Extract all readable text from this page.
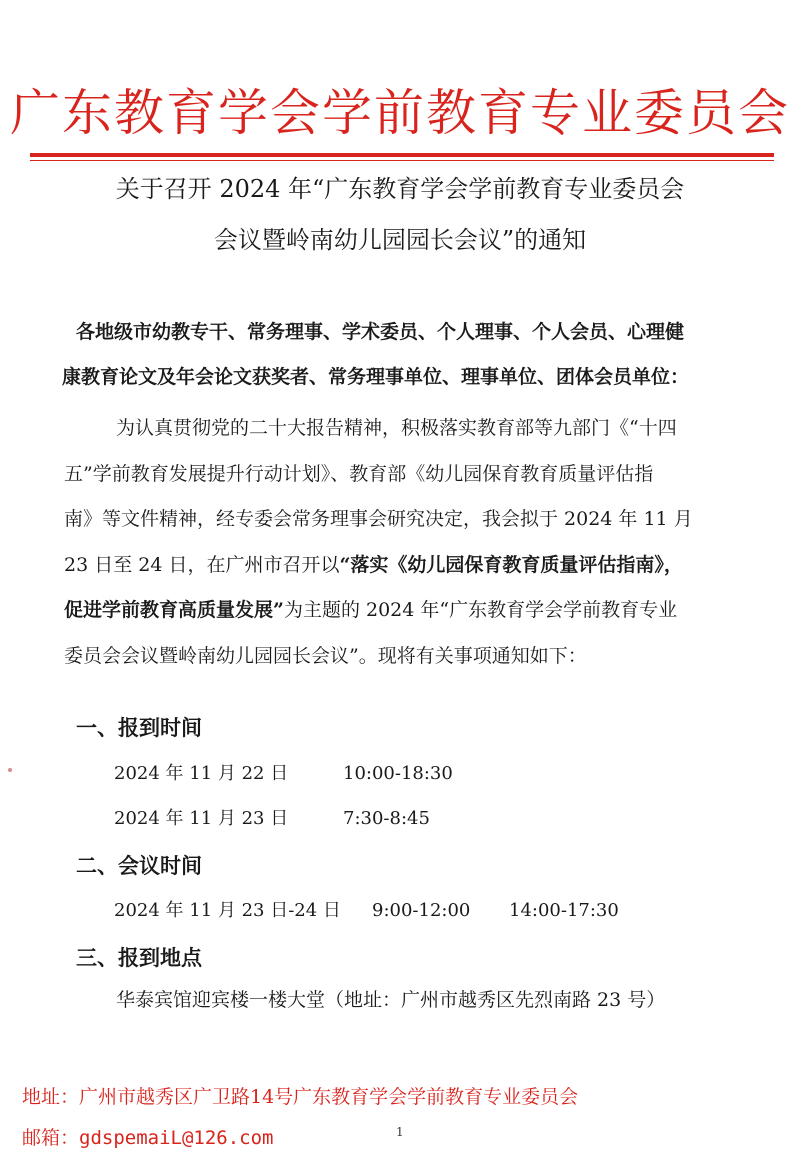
广东教育学会学前教育专业委员会
关于召开 2024 年“广东教育学会学前教育专业委员会
会议暨岭南幼儿园园长会议”的通知
各地级市幼教专干、常务理事、学术委员、个人理事、个人会员、心理健
康教育论文及年会论文获奖者、常务理事单位、理事单位、团体会员单位：
为认真贯彻党的二十大报告精神，积极落实教育部等九部门《“十四
五”学前教育发展提升行动计划》、教育部《幼儿园保育教育质量评估指
南》等文件精神，经专委会常务理事会研究决定，我会拟于 2024 年 11 月
23 日至 24 日，在广州市召开以“落实《幼儿园保育教育质量评估指南》，
促进学前教育高质量发展”为主题的 2024 年“广东教育学会学前教育专业
委员会会议暨岭南幼儿园园长会议”。现将有关事项通知如下：
一、报到时间
2024 年 11 月 22 日	10:00-18:30
2024 年 11 月 23 日	7:30-8:45
二、会议时间
2024 年 11 月 23 日-24 日 9:00-12:00 14:00-17:30
三、报到地点
华泰宾馆迎宾楼一楼大堂（地址：广州市越秀区先烈南路 23 号）
地址：广州市越秀区广卫路14号广东教育学会学前教育专业委员会
邮箱：gdspemaiL@126.com	1
